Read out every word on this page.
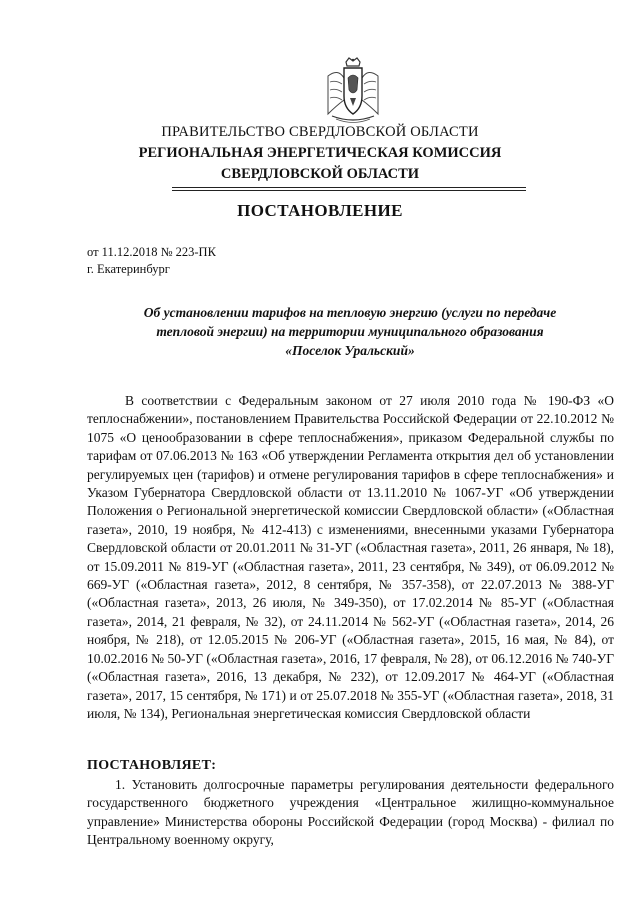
ПРАВИТЕЛЬСТВО СВЕРДЛОВСКОЙ ОБЛАСТИ
РЕГИОНАЛЬНАЯ ЭНЕРГЕТИЧЕСКАЯ КОМИССИЯ
СВЕРДЛОВСКОЙ ОБЛАСТИ
ПОСТАНОВЛЕНИЕ
от 11.12.2018 № 223-ПК
г. Екатеринбург
Об установлении тарифов на тепловую энергию (услуги по передаче тепловой энергии) на территории муниципального образования «Поселок Уральский»

В соответствии с Федеральным законом от 27 июля 2010 года № 190-ФЗ «О теплоснабжении», постановлением Правительства Российской Федерации от 22.10.2012 № 1075 «О ценообразовании в сфере теплоснабжения», приказом Федеральной службы по тарифам от 07.06.2013 № 163 «Об утверждении Регламента открытия дел об установлении регулируемых цен (тарифов) и отмене регулирования тарифов в сфере теплоснабжения» и Указом Губернатора Свердловской области от 13.11.2010 № 1067-УГ «Об утверждении Положения о Региональной энергетической комиссии Свердловской области» («Областная газета», 2010, 19 ноября, № 412-413) с изменениями, внесенными указами Губернатора Свердловской области от 20.01.2011 № 31-УГ («Областная газета», 2011, 26 января, № 18), от 15.09.2011 № 819-УГ («Областная газета», 2011, 23 сентября, № 349), от 06.09.2012 № 669-УГ («Областная газета», 2012, 8 сентября, № 357-358), от 22.07.2013 № 388-УГ («Областная газета», 2013, 26 июля, № 349-350), от 17.02.2014 № 85-УГ («Областная газета», 2014, 21 февраля, № 32), от 24.11.2014 № 562-УГ («Областная газета», 2014, 26 ноября, № 218), от 12.05.2015 № 206-УГ («Областная газета», 2015, 16 мая, № 84), от 10.02.2016 № 50-УГ («Областная газета», 2016, 17 февраля, № 28), от 06.12.2016 № 740-УГ («Областная газета», 2016, 13 декабря, № 232), от 12.09.2017 № 464-УГ («Областная газета», 2017, 15 сентября, № 171) и от 25.07.2018 № 355-УГ («Областная газета», 2018, 31 июля, № 134), Региональная энергетическая комиссия Свердловской области

ПОСТАНОВЛЯЕТ:

1. Установить долгосрочные параметры регулирования деятельности федерального государственного бюджетного учреждения «Центральное жилищно-коммунальное управление» Министерства обороны Российской Федерации (город Москва) - филиал по Центральному военному округу,
